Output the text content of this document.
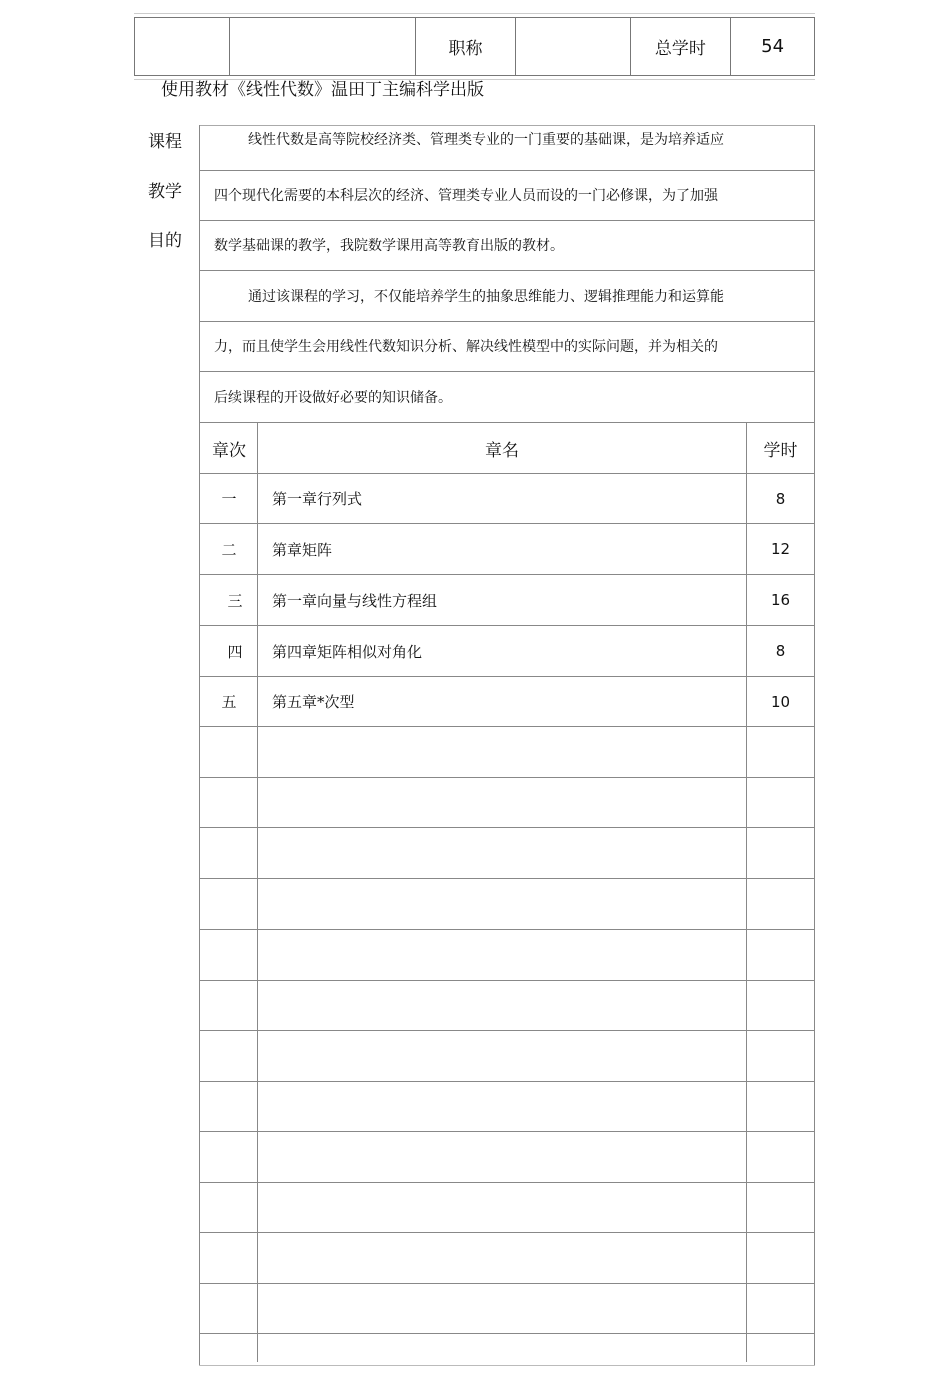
职称	总学时	54
使用教材《线性代数》温田丁主编科学出版
课程
教学
目的
线性代数是高等院校经济类、管理类专业的一门重要的基础课，是为培养适应
四个现代化需要的本科层次的经济、管理类专业人员而设的一门必修课，为了加强
数学基础课的教学，我院数学课用高等教育出版的教材。
通过该课程的学习，不仅能培养学生的抽象思维能力、逻辑推理能力和运算能
力，而且使学生会用线性代数知识分析、解决线性模型中的实际问题，并为相关的
后续课程的开设做好必要的知识储备。
章次	章名	学时
一	第一章行列式	8
二	第章矩阵	12
三	第一章向量与线性方程组	16
四	第四章矩阵相似对角化	8
五	第五章*次型	10
